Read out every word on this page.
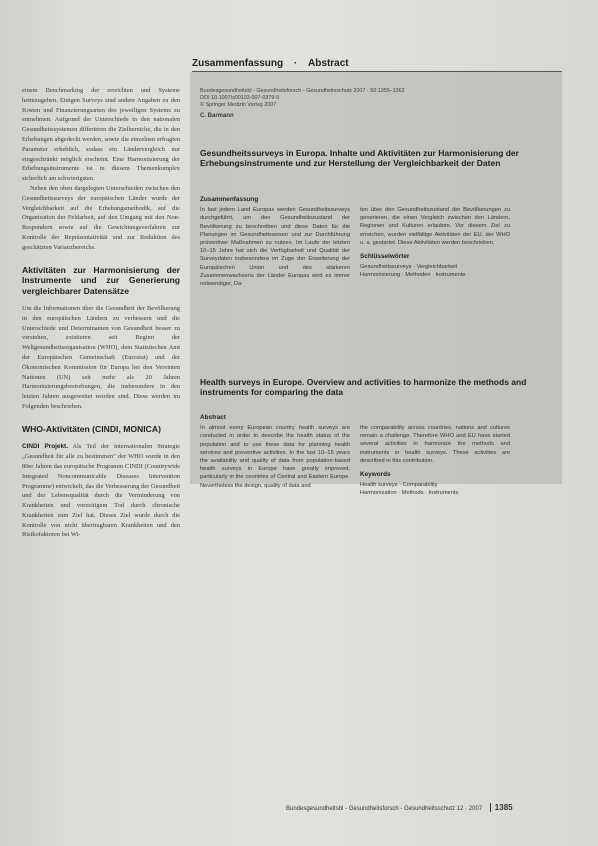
Zusammenfassung · Abstract

einem Benchmarking der erreichten und Systeme heimzugehen. Einigen Surveys sind andere Angaben zu den Kosten und Finanzierungsarten des jeweiligen Systems zu entnehmen. Aufgrund der Unterschiede in den nationalen Gesundheitssystemen differieren die Zielbereiche, die in den Erhebungen abgedeckt werden, sowie die einzelnen erfragten Parameter erheblich, sodass ein Ländervergleich nur eingeschränkt möglich erscheint. Eine Harmonisierung der Erhebungsinstrumente ist in diesem Themenkomplex sicherlich am schwierigsten.

Neben den oben dargelegten Unterschieden zwischen den Gesundheitssurveys der europäischen Länder wurde der Vergleichbarkeit auf die Erhebungsmethodik, auf die Organisation der Feldarbeit, auf den Umgang mit den Non-Respondern sowie auf die Gewichtungsverfahren zur Kontrolle der Repräsentativität und zur Reduktion des geschätzten Varianzbereichs.

Aktivitäten zur Harmonisierung der Instrumente und zur Generierung vergleichbarer Datensätze

Um die Informationen über die Gesundheit der Bevölkerung in den europäischen Ländern zu verbessern und die Unterschiede und Determinanten von Gesundheit besser zu verstehen, existieren seit Beginn der Weltgesundheitsorganisation (WHO), dem Statistischen Amt der Europäischen Gemeinschaft (Eurostat) und der Ökonomischen Kommission für Europa bei den Vereinten Nationen (UN) seit mehr als 20 Jahren Harmonisierungsbestrebungen, die insbesondere in den letzten Jahren ausgeweitet worden sind. Diese werden im Folgenden beschrieben.

WHO-Aktivitäten (CINDI, MONICA)

CINDI Projekt. Als Teil der internationalen Strategie „Gesundheit für alle zu bestimmen" der WHO wurde in den 80er Jahren das europäische Programm CINDI (Countrywide Integrated Noncommunicable Diseases Intervention Programme) entwickelt, das die Verbesserung der Gesundheit und der Lebensqualität durch die Verminderung von Krankheiten und vorzeitigem Tod durch chronische Krankheiten zum Ziel hat. Dieses Ziel wurde durch die Kontrolle von nicht übertragbaren Krankheiten und den Risikofaktoren bei Wi-

Bundesgesundheitsbl - Gesundheitsforsch - Gesundheitsschutz 2007 · 50:1355–1362
DOI 10.1007/s00103-007-0379-9
© Springer Medizin Verlag 2007
C. Barmann
Gesundheitssurveys in Europa. Inhalte und Aktivitäten zur Harmonisierung der Erhebungsinstrumente und zur Herstellung der Vergleichbarkeit der Daten
Zusammenfassung
In fast jedem Land Europas werden Gesundheitssurveys durchgeführt, um den Gesundheitszustand der Bevölkerung zu beschreiben und diese Daten für die Planungen im Gesundheitswesen und zur Durchführung präventiver Maßnahmen zu nutzen. Im Laufe der letzten 10–15 Jahre hat sich die Verfügbarkeit und Qualität der Surveydaten insbesondere im Zuge der Erweiterung der Europäischen Union und des stärkeren Zusammenwachsens der Länder Europas wird es immer notwendiger, Da-
ten über den Gesundheitszustand der Bevölkerungen zu generieren, die einen Vergleich zwischen den Ländern, Regionen und Kulturen erlauben. Vor diesem Ziel zu erreichen, wurden vielfältige Aktivitäten der EU, der WHO u. a. gestartet. Diese Aktivitäten werden beschrieben.
Schlüsselwörter
Gesundheitssurveys · Vergleichbarkeit
Harmonisierung · Methoden · Instrumente
Health surveys in Europe. Overview and activities to harmonize the methods and instruments for comparing the data
Abstract
In almost every European country health surveys are conducted in order to describe the health status of the population and to use these data for planning health services and preventive activities. In the last 10–15 years the availability and quality of data from population-based health surveys in Europe have greatly improved, particularly in the countries of Central and Eastern Europe. Nevertheless the design, quality of data and
the comparability across countries, nations and cultures remain a challenge. Therefore WHO and EU have started several activities to harmonize the methods and instruments in health surveys. These activities are described in this contribution.
Keywords
Health surveys · Comparability
Harmonization · Methods · Instruments
Bundesgesundheitsbl - Gesundheitsforsch - Gesundheitsschutz 12 · 2007 1385
